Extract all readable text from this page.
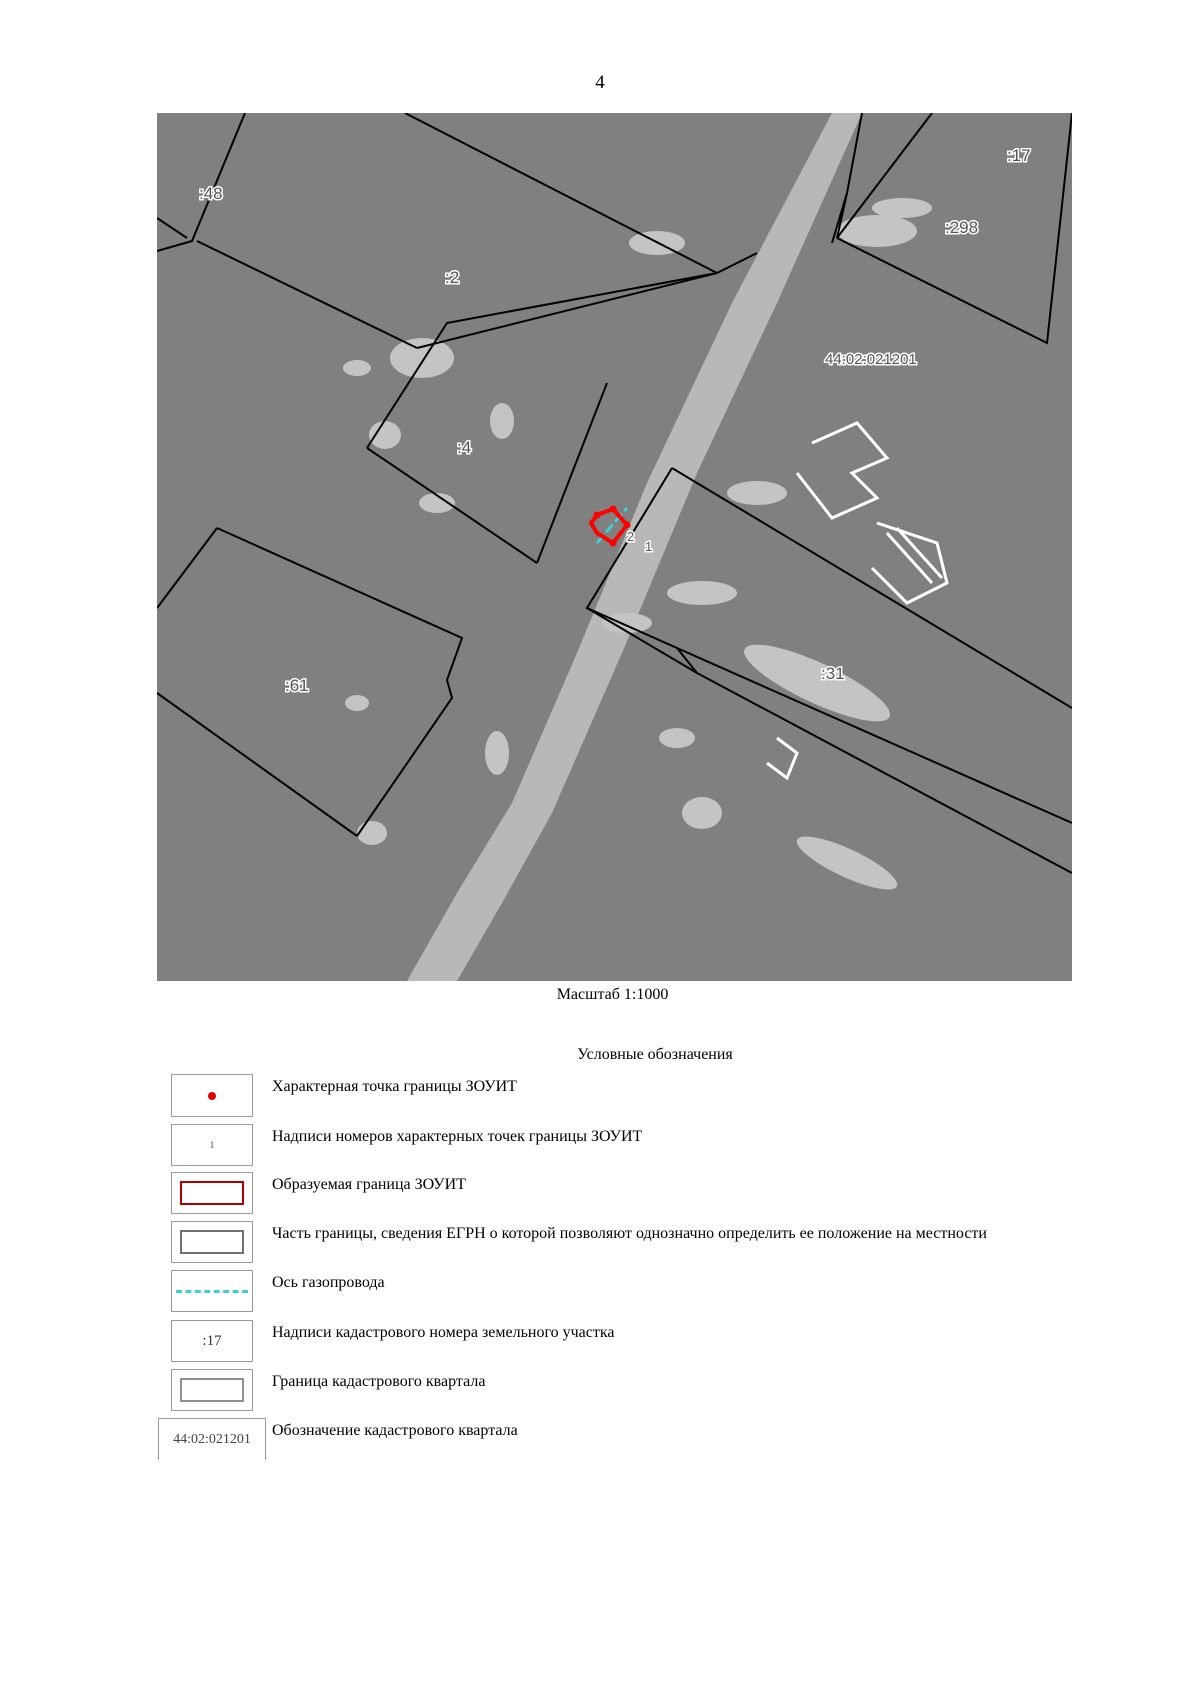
4
:48
:17
:298
:2
44:02:021201
:4
:61
:31
1
2
Масштаб 1:1000
Условные обозначения
Характерная точка границы ЗОУИТ
1	Надписи номеров характерных точек границы ЗОУИТ
Образуемая граница ЗОУИТ
Часть границы, сведения ЕГРН о которой позволяют однозначно определить ее положение на местности
Ось газопровода
:17	Надписи кадастрового номера земельного участка
Граница кадастрового квартала
44:02:021201 Обозначение кадастрового квартала
